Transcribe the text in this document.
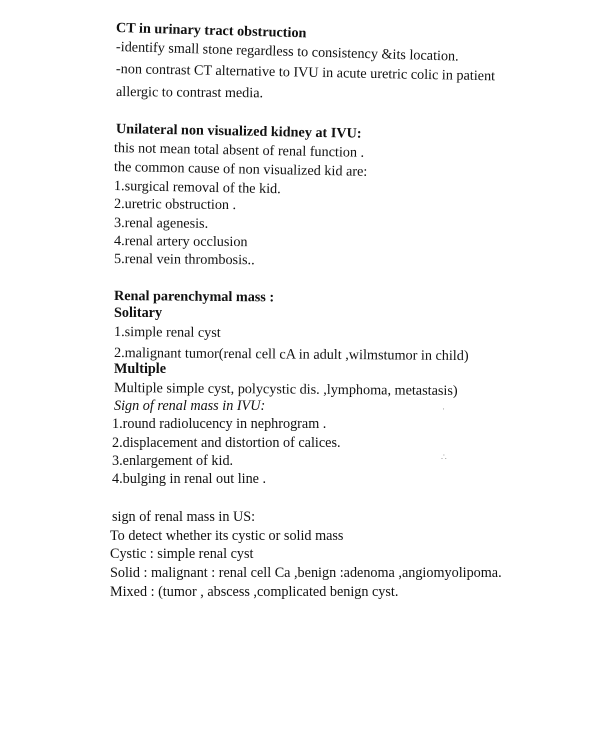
CT in urinary tract obstruction
-identify small stone regardless to consistency &its location.
-non contrast CT alternative to IVU in acute uretric colic in patient
allergic to contrast media.
Unilateral non visualized kidney at IVU:
this not mean total absent of renal function .
the common cause of non visualized kid are:
1.surgical removal of the kid.
2.uretric obstruction .
3.renal agenesis.
4.renal artery occlusion
5.renal vein thrombosis..
Renal parenchymal mass :
Solitary
1.simple renal cyst
2.malignant tumor(renal cell cA in adult ,wilmstumor in child)
Multiple
Multiple simple cyst, polycystic dis. ,lymphoma, metastasis)
Sign of renal mass in IVU:
1.round radiolucency in nephrogram .
2.displacement and distortion of calices.
3.enlargement of kid.
4.bulging in renal out line .
sign of renal mass in US:
To detect whether its cystic or solid mass
Cystic : simple renal cyst
Solid : malignant : renal cell Ca ,benign :adenoma ,angiomyolipoma.
Mixed : (tumor , abscess ,complicated benign cyst.
·
∴
